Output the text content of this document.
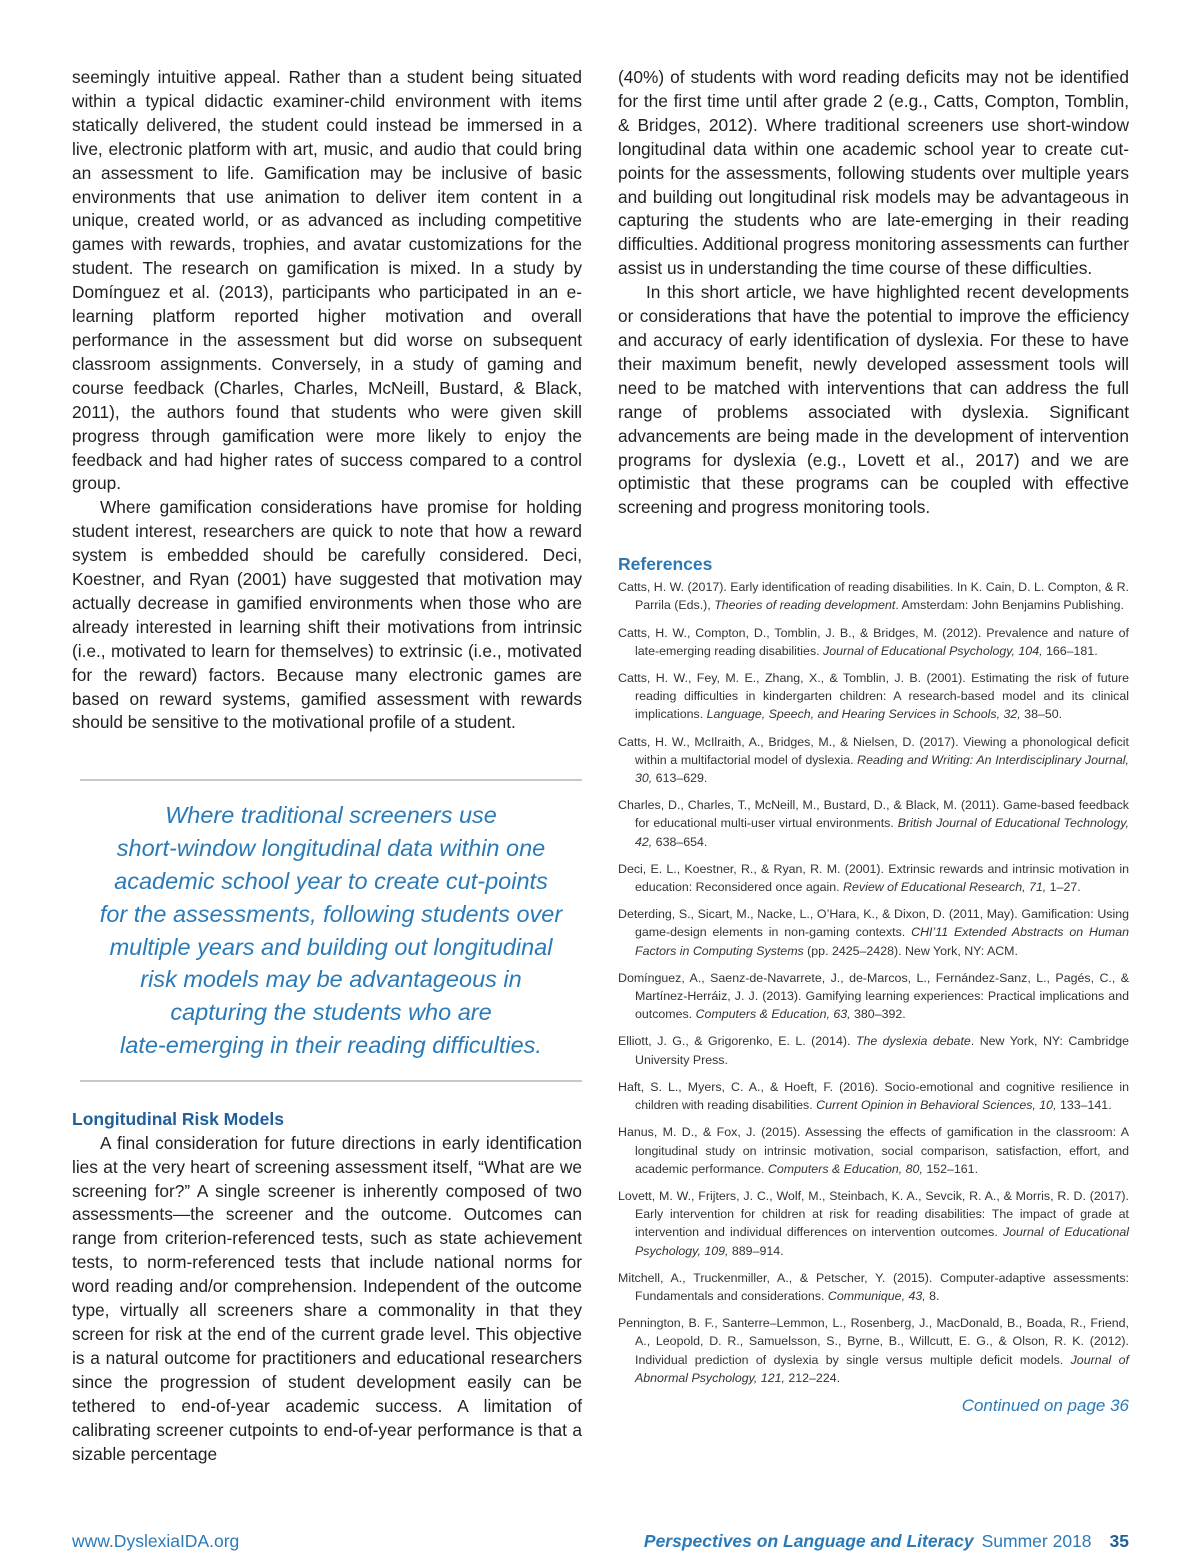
seemingly intuitive appeal. Rather than a student being situated within a typical didactic examiner-child environment with items statically delivered, the student could instead be immersed in a live, electronic platform with art, music, and audio that could bring an assessment to life. Gamification may be inclusive of basic environments that use animation to deliver item content in a unique, created world, or as advanced as including competitive games with rewards, trophies, and avatar customizations for the student. The research on gamification is mixed. In a study by Domínguez et al. (2013), participants who participated in an e-learning platform reported higher motivation and overall performance in the assessment but did worse on subsequent classroom assignments. Conversely, in a study of gaming and course feedback (Charles, Charles, McNeill, Bustard, & Black, 2011), the authors found that students who were given skill progress through gamification were more likely to enjoy the feedback and had higher rates of success compared to a control group.

Where gamification considerations have promise for holding student interest, researchers are quick to note that how a reward system is embedded should be carefully considered. Deci, Koestner, and Ryan (2001) have suggested that motivation may actually decrease in gamified environments when those who are already interested in learning shift their motivations from intrinsic (i.e., motivated to learn for themselves) to extrinsic (i.e., motivated for the reward) factors. Because many electronic games are based on reward systems, gamified assessment with rewards should be sensitive to the motivational profile of a student.

Where traditional screeners use
short-window longitudinal data within one
academic school year to create cut-points
for the assessments, following students over
multiple years and building out longitudinal
risk models may be advantageous in
capturing the students who are
late-emerging in their reading difficulties.
Longitudinal Risk Models

A final consideration for future directions in early identification lies at the very heart of screening assessment itself, “What are we screening for?” A single screener is inherently composed of two assessments—the screener and the outcome. Outcomes can range from criterion-referenced tests, such as state achievement tests, to norm-referenced tests that include national norms for word reading and/or comprehension. Independent of the outcome type, virtually all screeners share a commonality in that they screen for risk at the end of the current grade level. This objective is a natural outcome for practitioners and educational researchers since the progression of student development easily can be tethered to end-of-year academic success. A limitation of calibrating screener cutpoints to end-of-year performance is that a sizable percentage

(40%) of students with word reading deficits may not be identified for the first time until after grade 2 (e.g., Catts, Compton, Tomblin, & Bridges, 2012). Where traditional screeners use short-window longitudinal data within one academic school year to create cut-points for the assessments, following students over multiple years and building out longitudinal risk models may be advantageous in capturing the students who are late-emerging in their reading difficulties. Additional progress monitoring assessments can further assist us in understanding the time course of these difficulties.

In this short article, we have highlighted recent developments or considerations that have the potential to improve the efficiency and accuracy of early identification of dyslexia. For these to have their maximum benefit, newly developed assessment tools will need to be matched with interventions that can address the full range of problems associated with dyslexia. Significant advancements are being made in the development of intervention programs for dyslexia (e.g., Lovett et al., 2017) and we are optimistic that these programs can be coupled with effective screening and progress monitoring tools.

References

Catts, H. W. (2017). Early identification of reading disabilities. In K. Cain, D. L. Compton, & R. Parrila (Eds.), Theories of reading development. Amsterdam: John Benjamins Publishing.

Catts, H. W., Compton, D., Tomblin, J. B., & Bridges, M. (2012). Prevalence and nature of late-emerging reading disabilities. Journal of Educational Psychology, 104, 166–181.

Catts, H. W., Fey, M. E., Zhang, X., & Tomblin, J. B. (2001). Estimating the risk of future reading difficulties in kindergarten children: A research-based model and its clinical implications. Language, Speech, and Hearing Services in Schools, 32, 38–50.

Catts, H. W., McIlraith, A., Bridges, M., & Nielsen, D. (2017). Viewing a phonological deficit within a multifactorial model of dyslexia. Reading and Writing: An Interdisciplinary Journal, 30, 613–629.

Charles, D., Charles, T., McNeill, M., Bustard, D., & Black, M. (2011). Game-based feedback for educational multi-user virtual environments. British Journal of Educational Technology, 42, 638–654.

Deci, E. L., Koestner, R., & Ryan, R. M. (2001). Extrinsic rewards and intrinsic motivation in education: Reconsidered once again. Review of Educational Research, 71, 1–27.

Deterding, S., Sicart, M., Nacke, L., O’Hara, K., & Dixon, D. (2011, May). Gamification: Using game-design elements in non-gaming contexts. CHI’11 Extended Abstracts on Human Factors in Computing Systems (pp. 2425–2428). New York, NY: ACM.

Domínguez, A., Saenz-de-Navarrete, J., de-Marcos, L., Fernández-Sanz, L., Pagés, C., & Martínez-Herráiz, J. J. (2013). Gamifying learning experiences: Practical implications and outcomes. Computers & Education, 63, 380–392.

Elliott, J. G., & Grigorenko, E. L. (2014). The dyslexia debate. New York, NY: Cambridge University Press.

Haft, S. L., Myers, C. A., & Hoeft, F. (2016). Socio-emotional and cognitive resilience in children with reading disabilities. Current Opinion in Behavioral Sciences, 10, 133–141.

Hanus, M. D., & Fox, J. (2015). Assessing the effects of gamification in the classroom: A longitudinal study on intrinsic motivation, social comparison, satisfaction, effort, and academic performance. Computers & Education, 80, 152–161.

Lovett, M. W., Frijters, J. C., Wolf, M., Steinbach, K. A., Sevcik, R. A., & Morris, R. D. (2017). Early intervention for children at risk for reading disabilities: The impact of grade at intervention and individual differences on intervention outcomes. Journal of Educational Psychology, 109, 889–914.

Mitchell, A., Truckenmiller, A., & Petscher, Y. (2015). Computer-adaptive assessments: Fundamentals and considerations. Communique, 43, 8.

Pennington, B. F., Santerre–Lemmon, L., Rosenberg, J., MacDonald, B., Boada, R., Friend, A., Leopold, D. R., Samuelsson, S., Byrne, B., Willcutt, E. G., & Olson, R. K. (2012). Individual prediction of dyslexia by single versus multiple deficit models. Journal of Abnormal Psychology, 121, 212–224.

Continued on page 36
www.DyslexiaIDA.org	Perspectives on Language and Literacy Summer 2018 35
